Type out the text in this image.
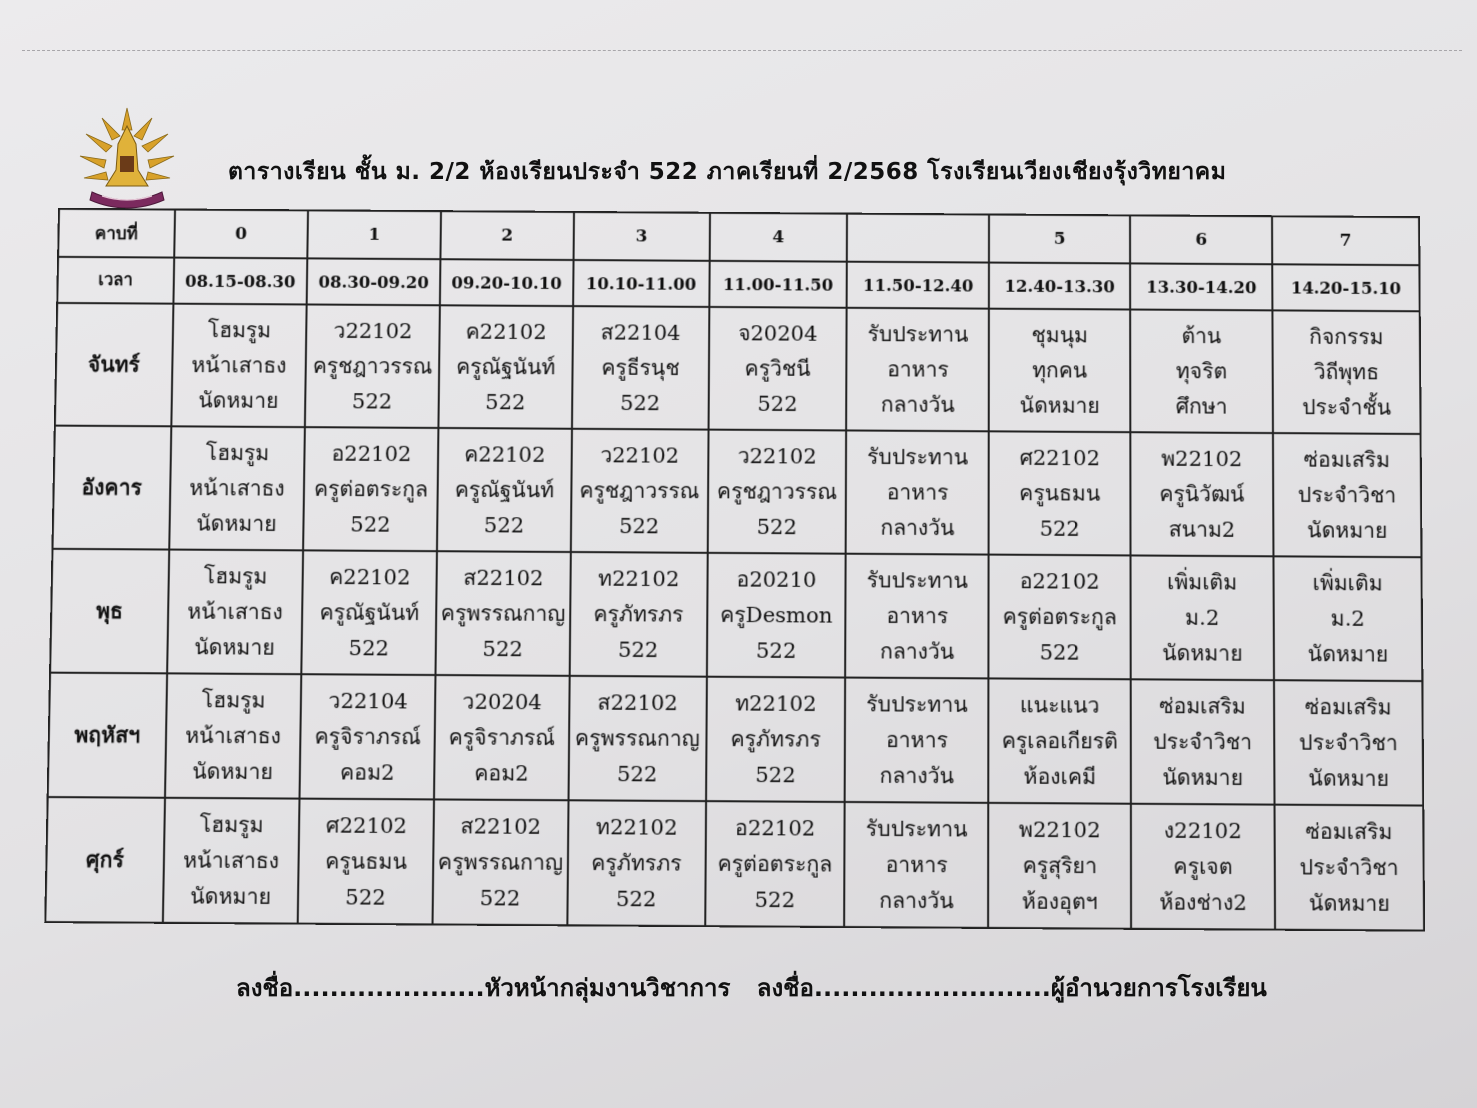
ตารางเรียน ชั้น ม. 2/2 ห้องเรียนประจำ 522 ภาคเรียนที่ 2/2568 โรงเรียนเวียงเชียงรุ้งวิทยาคม
คาบที่	0	1	2	3	4		5	6	7
เวลา	08.15-08.30	08.30-09.20	09.20-10.10	10.10-11.00	11.00-11.50	11.50-12.40	12.40-13.30	13.30-14.20	14.20-15.10
จันทร์	โฮมรูม
หน้าเสาธง
นัดหมาย	ว22102
ครูชฎาวรรณ
522	ค22102
ครูณัฐนันท์
522	ส22104
ครูธีรนุช
522	จ20204
ครูวิชนี
522	รับประทาน
อาหาร
กลางวัน	ชุมนุม
ทุกคน
นัดหมาย	ต้าน
ทุจริต
ศึกษา	กิจกรรม
วิถีพุทธ
ประจำชั้น

อังคาร	โฮมรูม
หน้าเสาธง
นัดหมาย	อ22102
ครูต่อตระกูล
522	ค22102
ครูณัฐนันท์
522	ว22102
ครูชฎาวรรณ
522	ว22102
ครูชฎาวรรณ
522	รับประทาน
อาหาร
กลางวัน	ศ22102
ครูนธมน
522	พ22102
ครูนิวัฒน์
สนาม2	ซ่อมเสริม
ประจำวิชา
นัดหมาย

พุธ	โฮมรูม
หน้าเสาธง
นัดหมาย	ค22102
ครูณัฐนันท์
522	ส22102
ครูพรรณกาญ
522	ท22102
ครูภัทรภร
522	อ20210
ครูDesmon
522	รับประทาน
อาหาร
กลางวัน	อ22102
ครูต่อตระกูล
522	เพิ่มเติม
ม.2
นัดหมาย	เพิ่มเติม
ม.2
นัดหมาย

พฤหัสฯ	โฮมรูม
หน้าเสาธง
นัดหมาย	ว22104
ครูจิราภรณ์
คอม2	ว20204
ครูจิราภรณ์
คอม2	ส22102
ครูพรรณกาญ
522	ท22102
ครูภัทรภร
522	รับประทาน
อาหาร
กลางวัน	แนะแนว
ครูเลอเกียรติ
ห้องเคมี	ซ่อมเสริม
ประจำวิชา
นัดหมาย	ซ่อมเสริม
ประจำวิชา
นัดหมาย

ศุกร์	โฮมรูม
หน้าเสาธง
นัดหมาย	ศ22102
ครูนธมน
522	ส22102
ครูพรรณกาญ
522	ท22102
ครูภัทรภร
522	อ22102
ครูต่อตระกูล
522	รับประทาน
อาหาร
กลางวัน	พ22102
ครูสุริยา
ห้องอุตฯ	ง22102
ครูเจต
ห้องช่าง2	ซ่อมเสริม
ประจำวิชา
นัดหมาย
ลงชื่อ.....................หัวหน้ากลุ่มงานวิชาการ ลงชื่อ..........................ผู้อำนวยการโรงเรียน
